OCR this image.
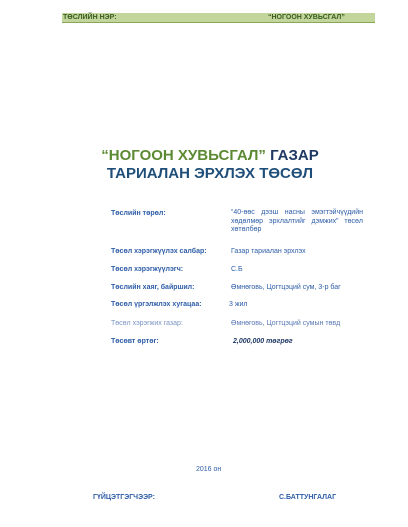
ТӨСЛИЙН НЭР:	“НОГООН ХУВЬСГАЛ”
“НОГООН ХУВЬСГАЛ” ГАЗАР
ТАРИАЛАН ЭРХЛЭХ ТӨСӨЛ
Төслийн төрөл:	“40-өөс дээш насны эмэгтэйчүүдийн хөдөлмөр эрхлалтийг дэмжих” төсөл хөтөлбөр
Төсөл хэрэгжүүлэх салбар:	Газар тариалан эрхлэх
Төсөл хэрэгжүүлэгч:	С.Б
Төслийн хаяг, байршил:	Өмнөговь, Цогтцэций сум, 3-р баг
Төсөл үргэлжлэх хугацаа:	3 жил
Төсөл хэрэгжих газар:	Өмнөговь, Цогтцэций сумын төвд
Төсөвт өртөг:	2,000,000 төгрөг
2016 он
ГҮЙЦЭТГЭГЧЭЭР:	С.БАТТУНГАЛАГ
